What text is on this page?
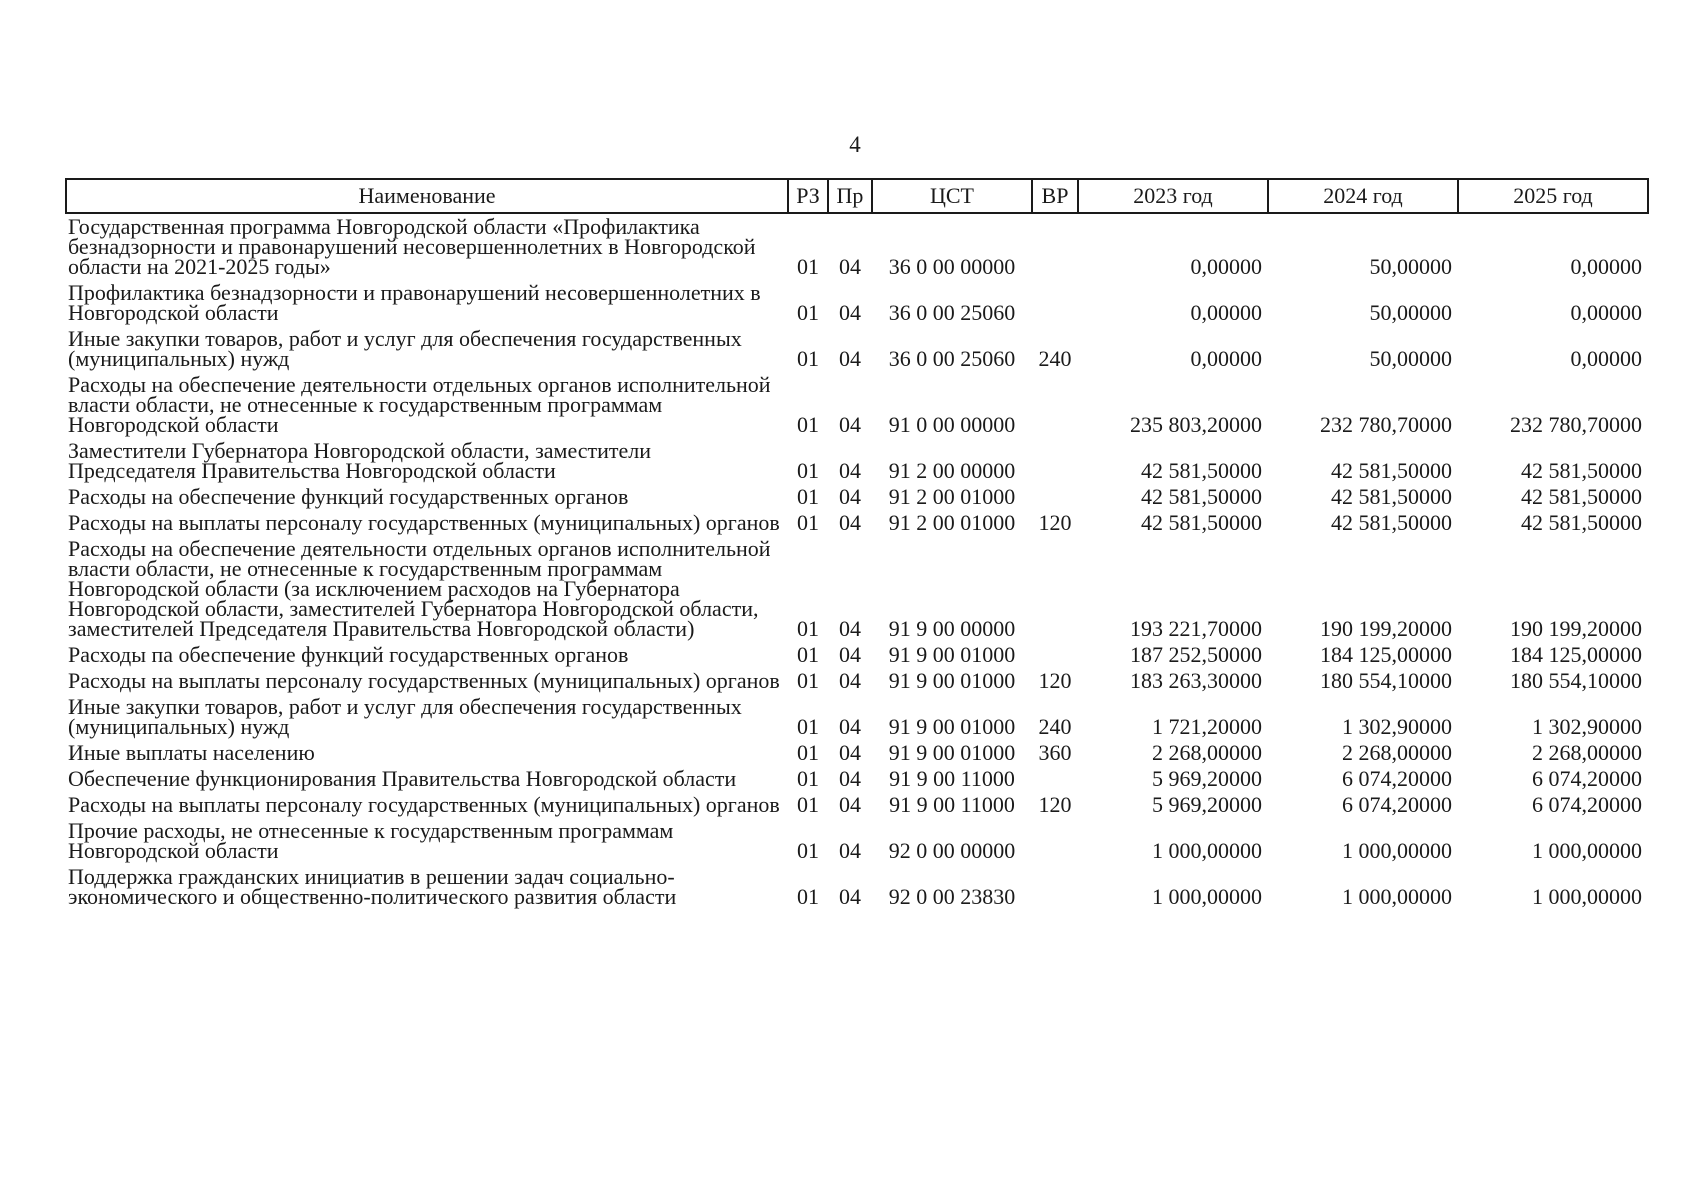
4
Наименование	РЗ	Пр	ЦСТ	ВР	2023 год	2024 год	2025 год
Государственная программа Новгородской области «Профилактика безнадзорности и правонарушений несовершеннолетних в Новгородской области на 2021-2025 годы»	01	04	36 0 00 00000		0,00000	50,00000	0,00000
Профилактика безнадзорности и правонарушений несовершеннолетних в Новгородской области	01	04	36 0 00 25060		0,00000	50,00000	0,00000
Иные закупки товаров, работ и услуг для обеспечения государственных (муниципальных) нужд	01	04	36 0 00 25060	240	0,00000	50,00000	0,00000
Расходы на обеспечение деятельности отдельных органов исполнительной власти области, не отнесенные к государственным программам Новгородской области	01	04	91 0 00 00000		235 803,20000	232 780,70000	232 780,70000
Заместители Губернатора Новгородской области, заместители Председателя Правительства Новгородской области	01	04	91 2 00 00000		42 581,50000	42 581,50000	42 581,50000
Расходы на обеспечение функций государственных органов	01	04	91 2 00 01000		42 581,50000	42 581,50000	42 581,50000
Расходы на выплаты персоналу государственных (муниципальных) органов	01	04	91 2 00 01000	120	42 581,50000	42 581,50000	42 581,50000
Расходы на обеспечение деятельности отдельных органов исполнительной власти области, не отнесенные к государственным программам Новгородской области (за исключением расходов на Губернатора Новгородской области, заместителей Губернатора Новгородской области, заместителей Председателя Правительства Новгородской области)	01	04	91 9 00 00000		193 221,70000	190 199,20000	190 199,20000
Расходы па обеспечение функций государственных органов	01	04	91 9 00 01000		187 252,50000	184 125,00000	184 125,00000
Расходы на выплаты персоналу государственных (муниципальных) органов	01	04	91 9 00 01000	120	183 263,30000	180 554,10000	180 554,10000
Иные закупки товаров, работ и услуг для обеспечения государственных (муниципальных) нужд	01	04	91 9 00 01000	240	1 721,20000	1 302,90000	1 302,90000
Иные выплаты населению	01	04	91 9 00 01000	360	2 268,00000	2 268,00000	2 268,00000
Обеспечение функционирования Правительства Новгородской области	01	04	91 9 00 11000		5 969,20000	6 074,20000	6 074,20000
Расходы на выплаты персоналу государственных (муниципальных) органов	01	04	91 9 00 11000	120	5 969,20000	6 074,20000	6 074,20000
Прочие расходы, не отнесенные к государственным программам Новгородской области	01	04	92 0 00 00000		1 000,00000	1 000,00000	1 000,00000
Поддержка гражданских инициатив в решении задач социально-экономического и общественно-политического развития области	01	04	92 0 00 23830		1 000,00000	1 000,00000	1 000,00000
